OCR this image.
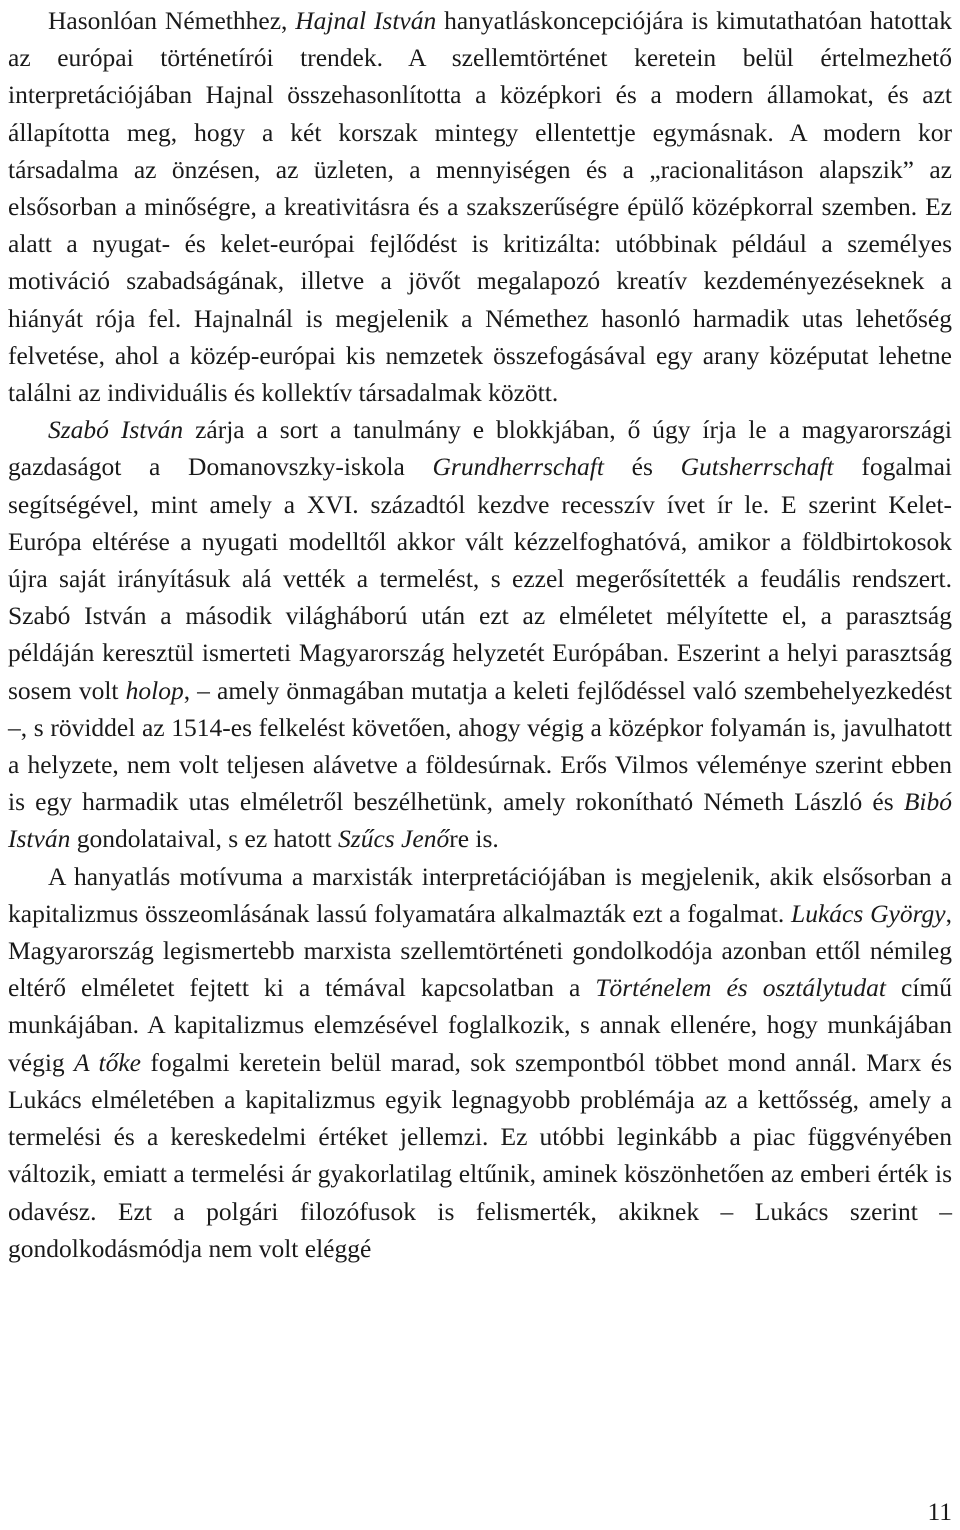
Hasonlóan Némethhez, Hajnal István hanyatláskoncepciójára is kimutathatóan hatottak az európai történetírói trendek. A szellemtörténet keretein belül értelmezhető interpretációjában Hajnal összehasonlította a középkori és a modern államokat, és azt állapította meg, hogy a két korszak mintegy ellentettje egymásnak. A modern kor társadalma az önzésen, az üzleten, a mennyiségen és a „racionalitáson alapszik” az elsősorban a minőségre, a kreativitásra és a szakszerűségre épülő középkorral szemben. Ez alatt a nyugat- és kelet-európai fejlődést is kritizálta: utóbbinak például a személyes motiváció szabadságának, illetve a jövőt megalapozó kreatív kezdeményezéseknek a hiányát rója fel. Hajnalnál is megjelenik a Némethez hasonló harmadik utas lehetőség felvetése, ahol a közép-európai kis nemzetek összefogásával egy arany középutat lehetne találni az individuális és kollektív társadalmak között.

Szabó István zárja a sort a tanulmány e blokkjában, ő úgy írja le a magyarországi gazdaságot a Domanovszky-iskola Grundherrschaft és Gutsherrschaft fogalmai segítségével, mint amely a XVI. századtól kezdve recesszív ívet ír le. E szerint Kelet-Európa eltérése a nyugati modelltől akkor vált kézzelfoghatóvá, amikor a földbirtokosok újra saját irányításuk alá vették a termelést, s ezzel megerősítették a feudális rendszert. Szabó István a második világháború után ezt az elméletet mélyítette el, a parasztság példáján keresztül ismerteti Magyarország helyzetét Európában. Eszerint a helyi parasztság sosem volt holop, – amely önmagában mutatja a keleti fejlődéssel való szembehelyezkedést –, s röviddel az 1514-es felkelést követően, ahogy végig a középkor folyamán is, javulhatott a helyzete, nem volt teljesen alávetve a földesúrnak. Erős Vilmos véleménye szerint ebben is egy harmadik utas elméletről beszélhetünk, amely rokonítható Németh László és Bibó István gondolataival, s ez hatott Szűcs Jenőre is.

A hanyatlás motívuma a marxisták interpretációjában is megjelenik, akik elsősorban a kapitalizmus összeomlásának lassú folyamatára alkalmazták ezt a fogalmat. Lukács György, Magyarország legismertebb marxista szellemtörténeti gondolkodója azonban ettől némileg eltérő elméletet fejtett ki a témával kapcsolatban a Történelem és osztálytudat című munkájában. A kapitalizmus elemzésével foglalkozik, s annak ellenére, hogy munkájában végig A tőke fogalmi keretein belül marad, sok szempontból többet mond annál. Marx és Lukács elméletében a kapitalizmus egyik legnagyobb problémája az a kettősség, amely a termelési és a kereskedelmi értéket jellemzi. Ez utóbbi leginkább a piac függvényében változik, emiatt a termelési ár gyakorlatilag eltűnik, aminek köszönhetően az emberi érték is odavész. Ezt a polgári filozófusok is felismerték, akiknek – Lukács szerint – gondolkodásmódja nem volt eléggé

11
